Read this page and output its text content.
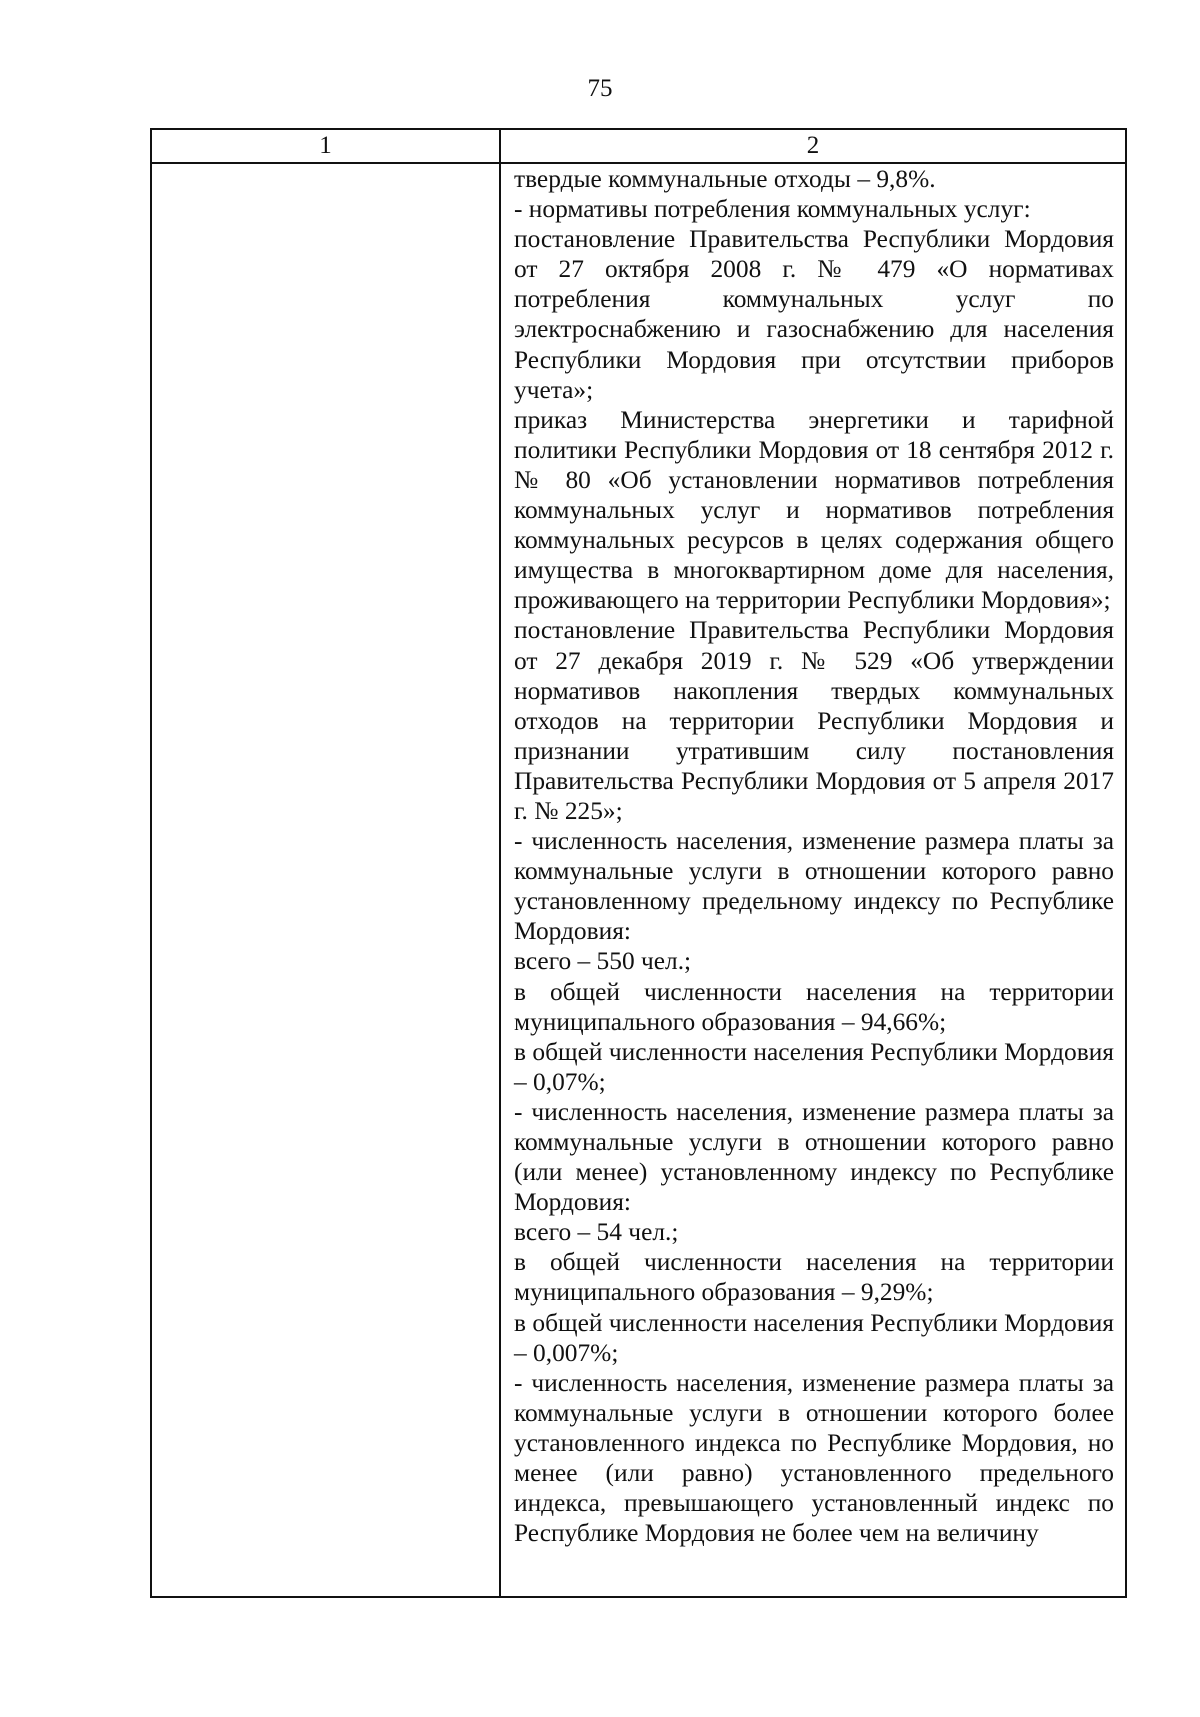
75
1	2

твердые коммунальные отходы – 9,8%.

- нормативы потребления коммунальных услуг:

постановление Правительства Республики Мордовия от 27 октября 2008 г. № 479 «О нормативах потребления коммунальных услуг по электроснабжению и газоснабжению для населения Республики Мордовия при отсутствии приборов учета»;

приказ Министерства энергетики и тарифной политики Республики Мордовия от 18 сентября 2012 г. № 80 «Об установлении нормативов потребления коммунальных услуг и нормативов потребления коммунальных ресурсов в целях содержания общего имущества в многоквартирном доме для населения, проживающего на территории Республики Мордовия»;

постановление Правительства Республики Мордовия от 27 декабря 2019 г. № 529 «Об утверждении нормативов накопления твердых коммунальных отходов на территории Республики Мордовия и признании утратившим силу постановления Правительства Республики Мордовия от 5 апреля 2017 г. № 225»;

- численность населения, изменение размера платы за коммунальные услуги в отношении которого равно установленному предельному индексу по Республике Мордовия:

всего – 550 чел.;

в общей численности населения на территории муниципального образования – 94,66%;

в общей численности населения Республики Мордовия – 0,07%;

- численность населения, изменение размера платы за коммунальные услуги в отношении которого равно (или менее) установленному индексу по Республике Мордовия:

всего – 54 чел.;

в общей численности населения на территории муниципального образования – 9,29%;

в общей численности населения Республики Мордовия – 0,007%;

- численность населения, изменение размера платы за коммунальные услуги в отношении которого более установленного индекса по Республике Мордовия, но менее (или равно) установленного предельного индекса, превышающего установленный индекс по Республике Мордовия не более чем на величину
